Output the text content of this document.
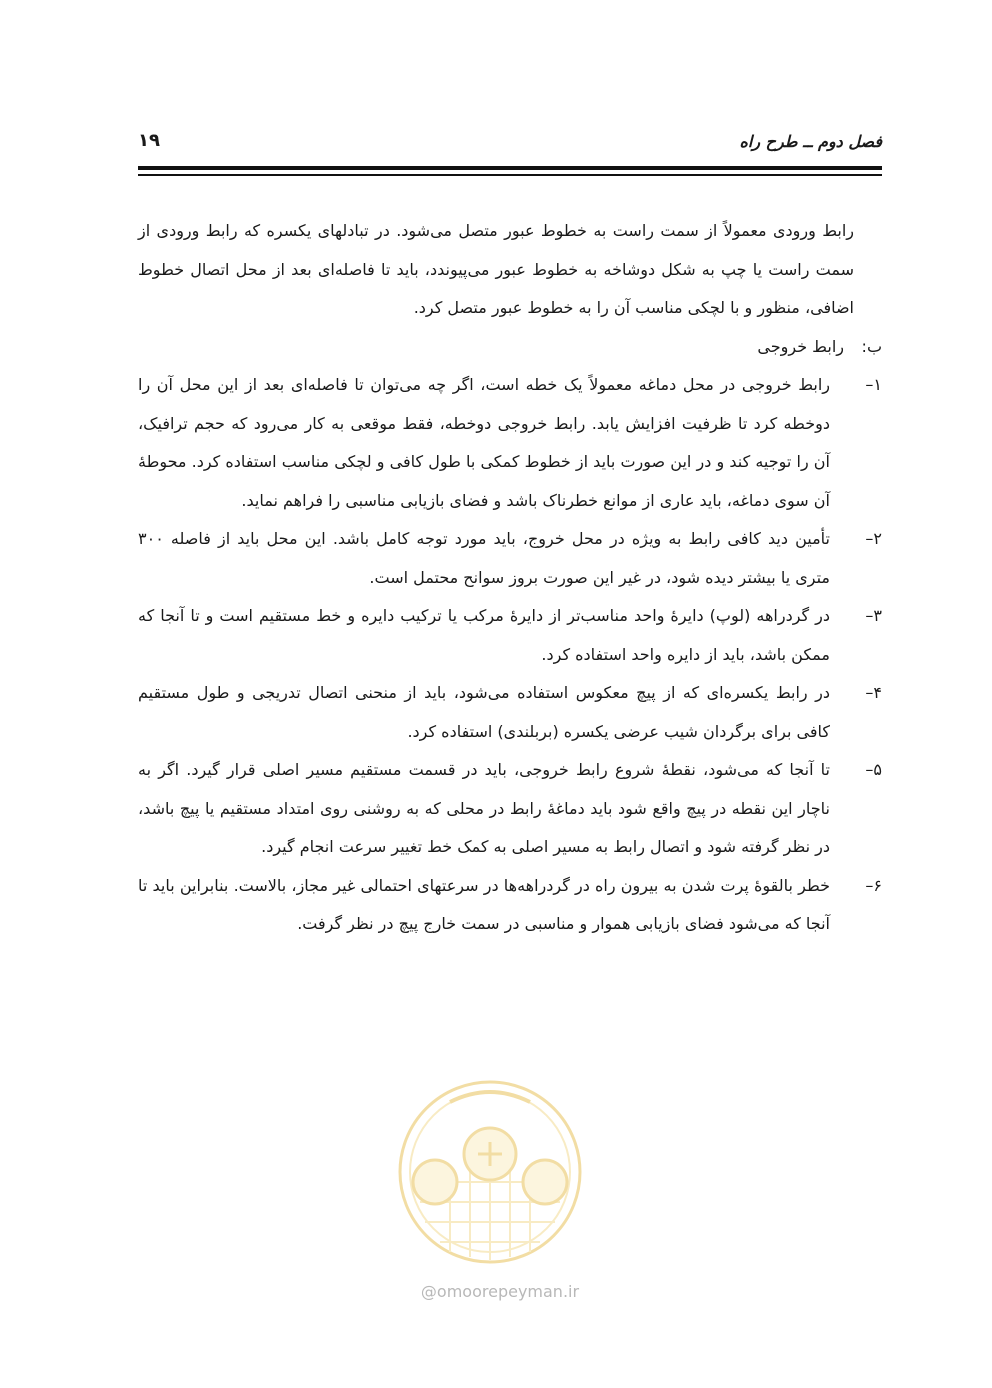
فصل دوم ــ طرح راه
۱۹

رابط ورودی معمولاً از سمت راست به خطوط عبور متصل می‌شود. در تبادلهای یکسره که رابط ورودی از سمت راست یا چپ به شکل دوشاخه به خطوط عبور می‌پیوندد، باید تا فاصله‌ای بعد از محل اتصال خطوط اضافی، منظور و با لچکی مناسب آن را به خطوط عبور متصل کرد.

ب:
رابط خروجی
۱–
رابط خروجی در محل دماغه معمولاً یک خطه است، اگر چه می‌توان تا فاصله‌ای بعد از این محل آن را دوخطه کرد تا ظرفیت افزایش یابد. رابط خروجی دوخطه، فقط موقعی به کار می‌رود که حجم ترافیک، آن را توجیه کند و در این صورت باید از خطوط کمکی با طول کافی و لچکی مناسب استفاده کرد. محوطهٔ آن سوی دماغه، باید عاری از موانع خطرناک باشد و فضای بازیابی مناسبی را فراهم نماید.
۲–
تأمین دید کافی رابط به ویژه در محل خروج، باید مورد توجه کامل باشد. این محل باید از فاصله ۳۰۰ متری یا بیشتر دیده شود، در غیر این صورت بروز سوانح محتمل است.
۳–
در گردراهه (لوپ) دایرهٔ واحد مناسب‌تر از دایرهٔ مرکب یا ترکیب دایره و خط مستقیم است و تا آنجا که ممکن باشد، باید از دایره واحد استفاده کرد.
۴–
در رابط یکسره‌ای که از پیچ معکوس استفاده می‌شود، باید از منحنی اتصال تدریجی و طول مستقیم کافی برای برگردان شیب عرضی یکسره (بربلندی) استفاده کرد.
۵–
تا آنجا که می‌شود، نقطهٔ شروع رابط خروجی، باید در قسمت مستقیم مسیر اصلی قرار گیرد. اگر به ناچار این نقطه در پیچ واقع شود باید دماغهٔ رابط در محلی که به روشنی روی امتداد مستقیم یا پیچ باشد، در نظر گرفته شود و اتصال رابط به مسیر اصلی به کمک خط تغییر سرعت انجام گیرد.
۶–
خطر بالقوهٔ پرت شدن به بیرون راه در گردراهه‌ها در سرعتهای احتمالی غیر مجاز، بالاست. بنابراین باید تا آنجا که می‌شود فضای بازیابی هموار و مناسبی در سمت خارج پیچ در نظر گرفت.
@omoorepeyman.ir
